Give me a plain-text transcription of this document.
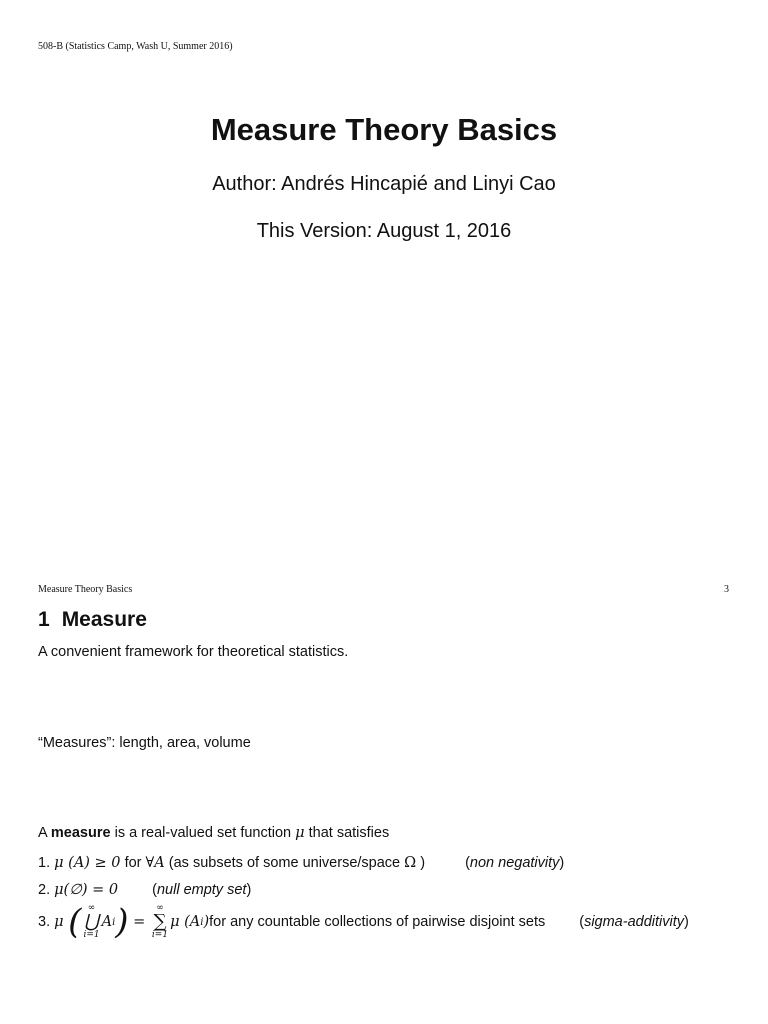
508-B (Statistics Camp, Wash U, Summer 2016)
Measure Theory Basics
Author: Andrés Hincapié and Linyi Cao
This Version: August 1, 2016
Measure Theory Basics	3
1 Measure
A convenient framework for theoretical statistics.
“Measures”: length, area, volume
A measure is a real-valued set function μ that satisfies
1. μ (A) ≥ 0 for ∀A (as subsets of some universe/space Ω )	(non negativity)
2. μ(∅) = 0 (null empty set)
3.
μ ( ∞
⋃
i=1
A i )
=

∞
∑
i=1
μ (A i ) for any countable collections of pairwise disjoint sets ( sigma-additivity )
